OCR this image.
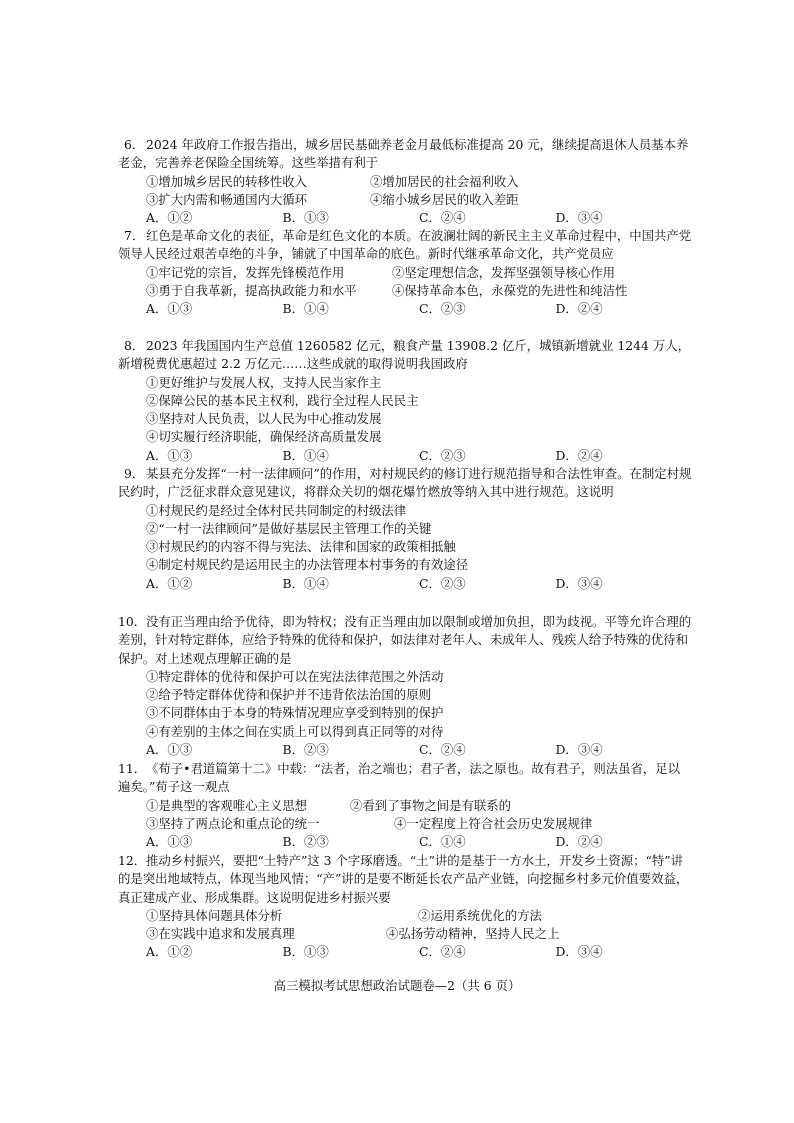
6． 2024 年政府工作报告指出，城乡居民基础养老金月最低标准提高 20 元，继续提高退休人员基本养老金，完善养老保险全国统筹。这些举措有利于
①增加城乡居民的转移性收入	②增加居民的社会福利收入
③扩大内需和畅通国内大循环	④缩小城乡居民的收入差距
A．①②	B．①③	C．②④	D．③④
7． 红色是革命文化的表征，革命是红色文化的本质。在波澜壮阔的新民主主义革命过程中，中国共产党领导人民经过艰苦卓绝的斗争，铺就了中国革命的底色。新时代继承革命文化，共产党员应
①牢记党的宗旨，发挥先锋模范作用	②坚定理想信念，发挥坚强领导核心作用
③勇于自我革新，提高执政能力和水平	④保持革命本色，永葆党的先进性和纯洁性
A．①③	B．①④	C．②③	D．②④
8． 2023 年我国国内生产总值 1260582 亿元，粮食产量 13908.2 亿斤，城镇新增就业 1244 万人，新增税费优惠超过 2.2 万亿元……这些成就的取得说明我国政府
①更好维护与发展人权，支持人民当家作主
②保障公民的基本民主权利，践行全过程人民民主
③坚持对人民负责，以人民为中心推动发展
④切实履行经济职能，确保经济高质量发展
A．①③	B．①④	C．②③	D．②④
9． 某县充分发挥“一村一法律顾问”的作用，对村规民约的修订进行规范指导和合法性审查。在制定村规民约时，广泛征求群众意见建议，将群众关切的烟花爆竹燃放等纳入其中进行规范。这说明
①村规民约是经过全体村民共同制定的村级法律
②“一村一法律顾问”是做好基层民主管理工作的关键
③村规民约的内容不得与宪法、法律和国家的政策相抵触
④制定村规民约是运用民主的办法管理本村事务的有效途径
A．①②	B．①④	C．②③	D．③④
10． 没有正当理由给予优待，即为特权；没有正当理由加以限制或增加负担，即为歧视。平等允许合理的差别，针对特定群体，应给予特殊的优待和保护，如法律对老年人、未成年人、残疾人给予特殊的优待和保护。对上述观点理解正确的是
①特定群体的优待和保护可以在宪法法律范围之外活动
②给予特定群体优待和保护并不违背依法治国的原则
③不同群体由于本身的特殊情况理应享受到特别的保护
④有差别的主体之间在实质上可以得到真正同等的对待
A．①③	B．②③	C．②④	D．③④
11． 《荀子•君道篇第十二》中载：“法者，治之端也；君子者，法之原也。故有君子，则法虽省，足以遍矣。”荀子这一观点
①是典型的客观唯心主义思想	②看到了事物之间是有联系的
③坚持了两点论和重点论的统一	④一定程度上符合社会历史发展规律
A．①③	B．②③	C．①④	D．②④
12． 推动乡村振兴，要把“土特产”这 3 个字琢磨透。“土”讲的是基于一方水土，开发乡土资源；“特”讲的是突出地域特点，体现当地风情；“产”讲的是要不断延长农产品产业链，向挖掘乡村多元价值要效益，真正建成产业、形成集群。这说明促进乡村振兴要
①坚持具体问题具体分析	②运用系统优化的方法
③在实践中追求和发展真理	④弘扬劳动精神，坚持人民之上
A．①②	B．①③	C．②④	D．③④
高三模拟考试思想政治试题卷—2（共 6 页）
